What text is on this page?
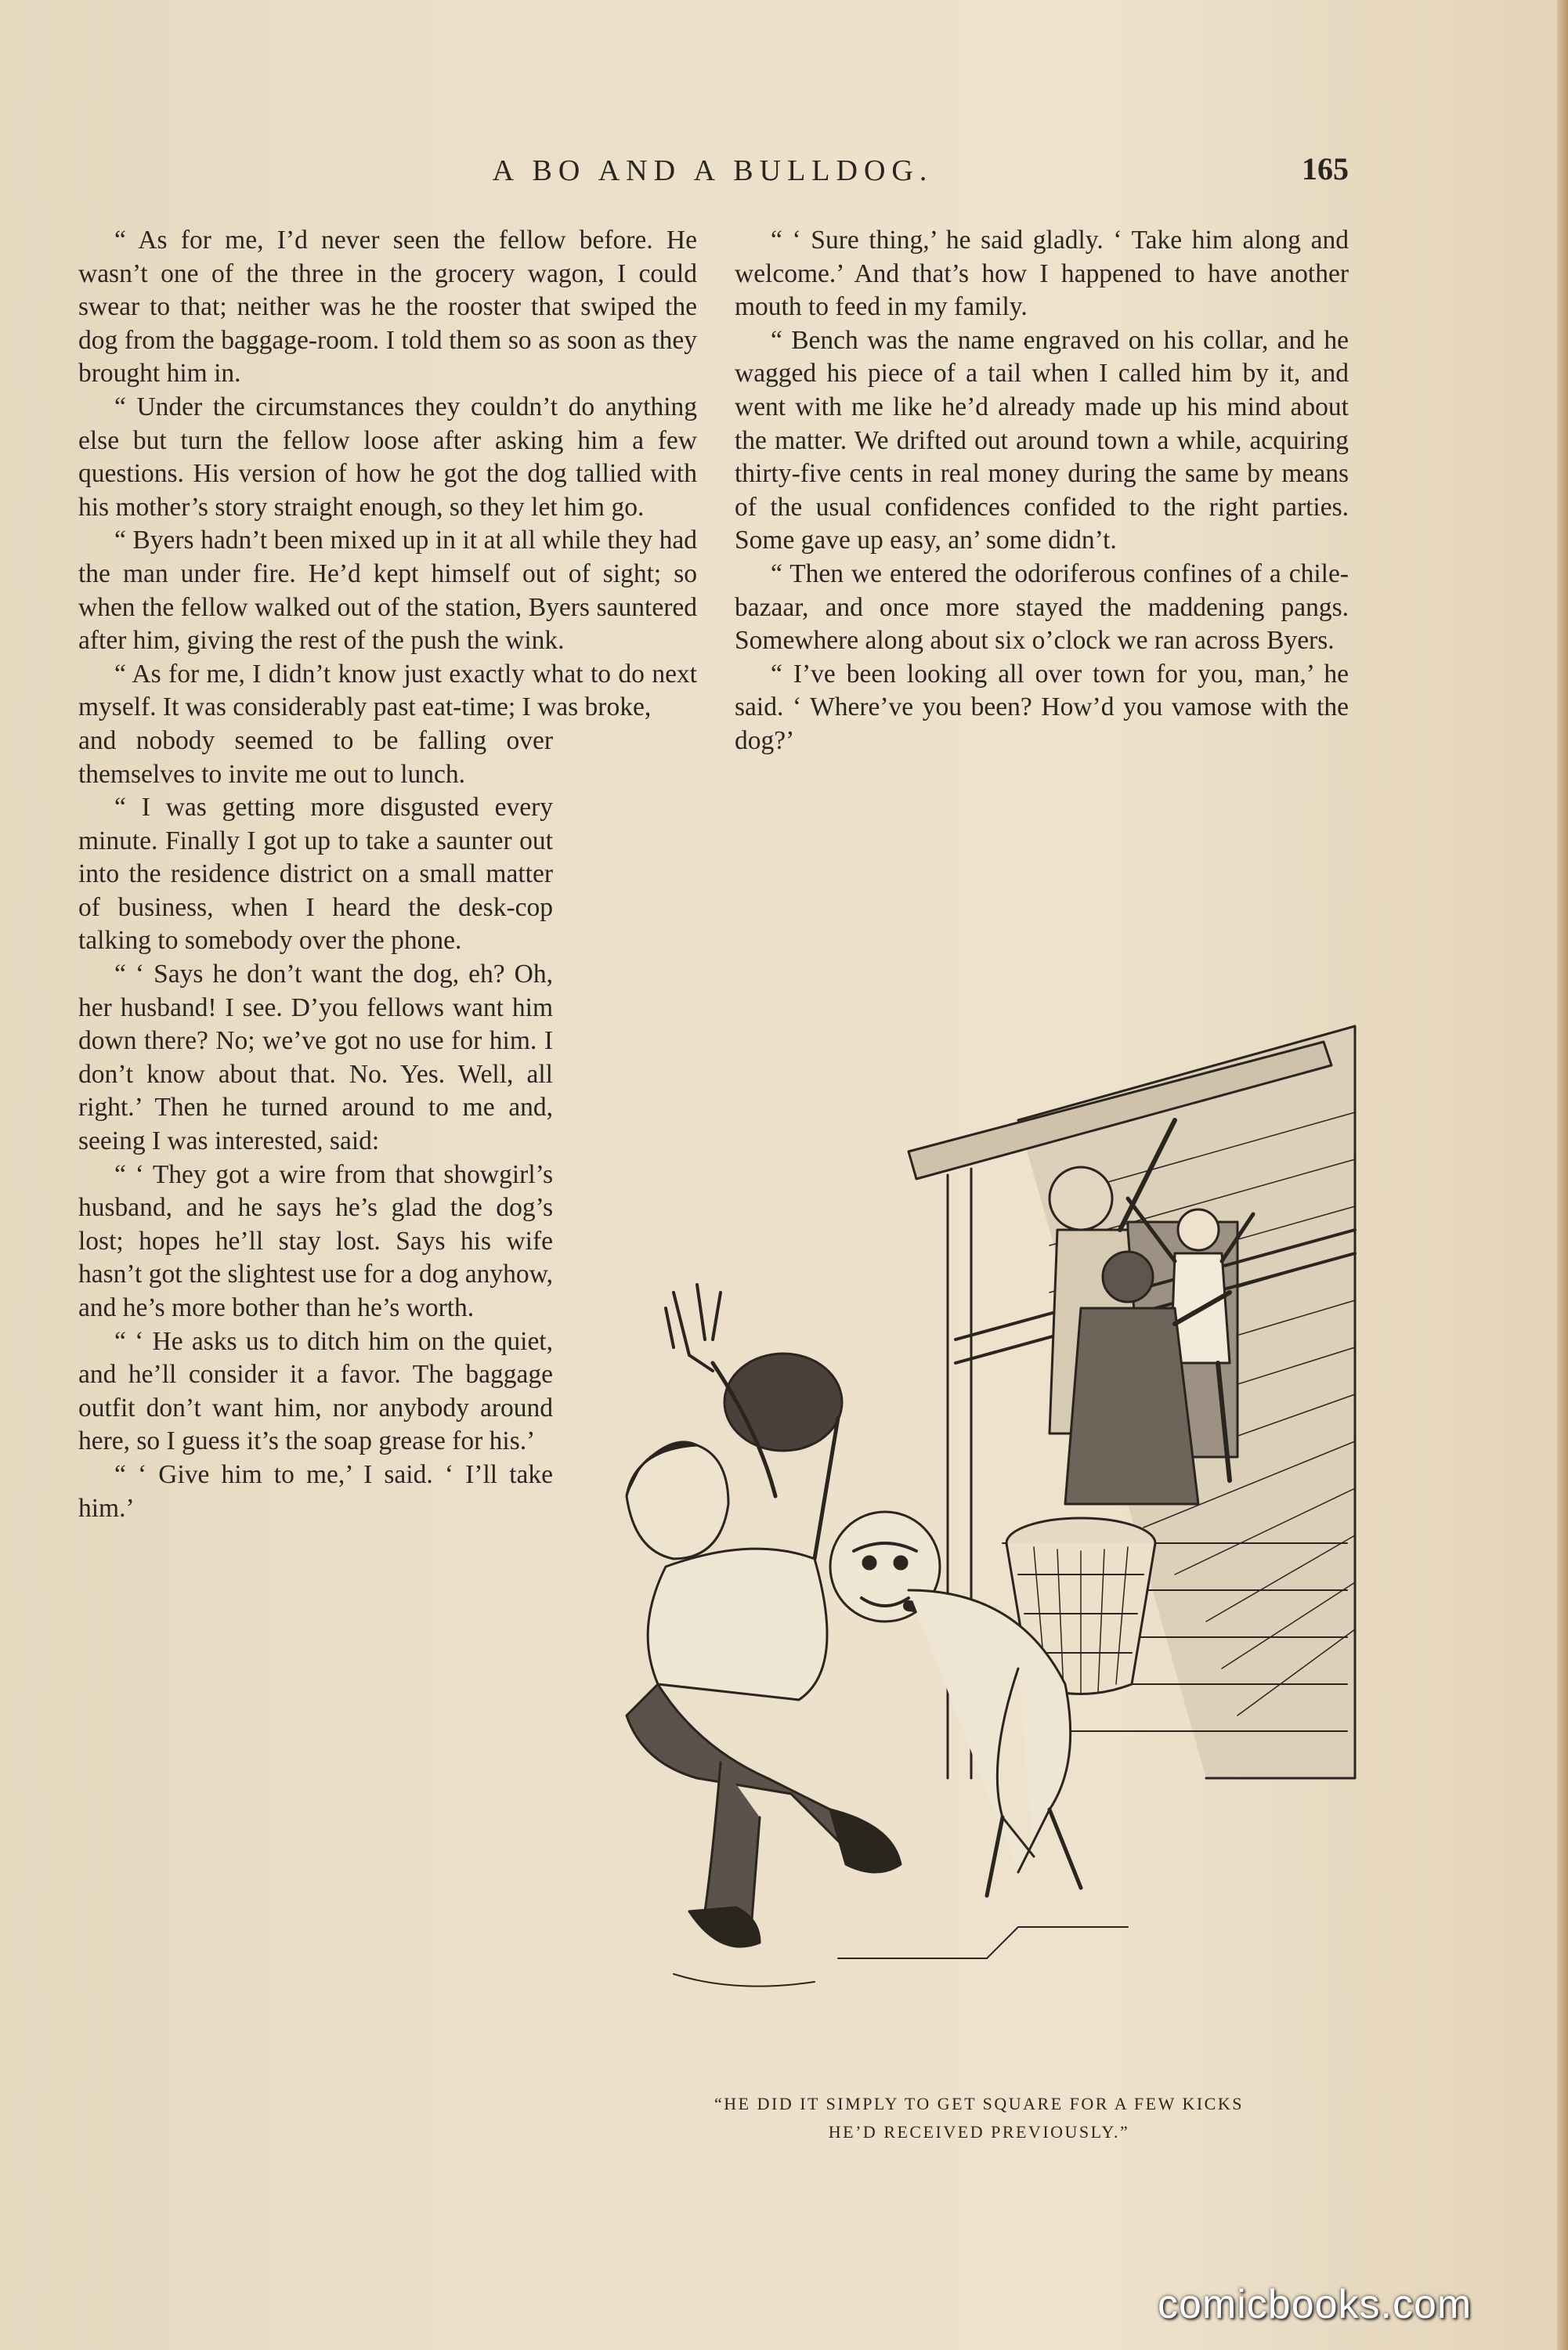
A BO AND A BULLDOG.	165

“ As for me, I’d never seen the fellow before. He wasn’t one of the three in the grocery wagon, I could swear to that; neither was he the rooster that swiped the dog from the baggage-room. I told them so as soon as they brought him in.

“ Under the circumstances they couldn’t do anything else but turn the fellow loose after asking him a few questions. His version of how he got the dog tallied with his mother’s story straight enough, so they let him go.

“ Byers hadn’t been mixed up in it at all while they had the man under fire. He’d kept himself out of sight; so when the fellow walked out of the station, Byers sauntered after him, giving the rest of the push the wink.

“ As for me, I didn’t know just exactly what to do next myself. It was considerably past eat-time; I was broke,

and nobody seemed to be falling over themselves to invite me out to lunch.

“ I was getting more disgusted every minute. Finally I got up to take a saunter out into the residence district on a small matter of business, when I heard the desk-cop talking to somebody over the phone.

“ ‘ Says he don’t want the dog, eh? Oh, her husband! I see. D’you fellows want him down there? No; we’ve got no use for him. I don’t know about that. No. Yes. Well, all right.’ Then he turned around to me and, seeing I was interested, said:

“ ‘ They got a wire from that showgirl’s husband, and he says he’s glad the dog’s lost; hopes he’ll stay lost. Says his wife hasn’t got the slightest use for a dog anyhow, and he’s more bother than he’s worth.

“ ‘ He asks us to ditch him on the quiet, and he’ll consider it a favor. The baggage outfit don’t want him, nor anybody around here, so I guess it’s the soap grease for his.’

“ ‘ Give him to me,’ I said. ‘ I’ll take him.’

“ ‘ Sure thing,’ he said gladly. ‘ Take him along and welcome.’ And that’s how I happened to have another mouth to feed in my family.

“ Bench was the name engraved on his collar, and he wagged his piece of a tail when I called him by it, and went with me like he’d already made up his mind about the matter. We drifted out around town a while, acquiring thirty-five cents in real money during the same by means of the usual confidences confided to the right parties. Some gave up easy, an’ some didn’t.

“ Then we entered the odoriferous confines of a chile-bazaar, and once more stayed the maddening pangs. Somewhere along about six o’clock we ran across Byers.

“ I’ve been looking all over town for you, man,’ he said. ‘ Where’ve you been? How’d you vamose with the dog?’

“HE DID IT SIMPLY TO GET SQUARE FOR A FEW KICKS
HE’D RECEIVED PREVIOUSLY.”
comicbooks.com
